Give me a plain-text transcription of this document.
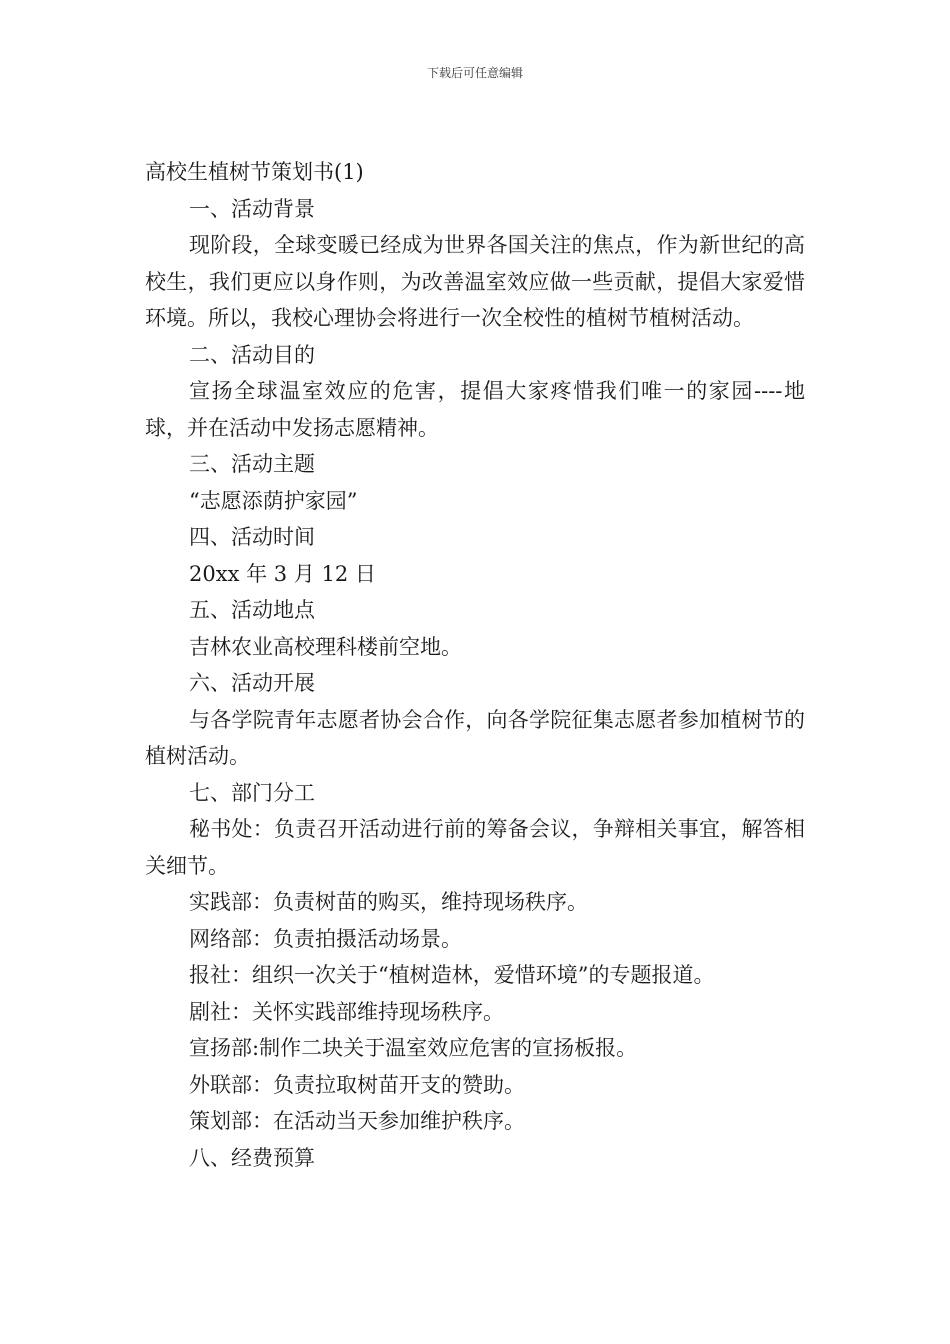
下载后可任意编辑
高校生植树节策划书(1)

一、活动背景

现阶段，全球变暖已经成为世界各国关注的焦点，作为新世纪的高校生，我们更应以身作则，为改善温室效应做一些贡献，提倡大家爱惜环境。所以，我校心理协会将进行一次全校性的植树节植树活动。

二、活动目的

宣扬全球温室效应的危害，提倡大家疼惜我们唯一的家园----地球，并在活动中发扬志愿精神。

三、活动主题

“志愿添荫护家园”

四、活动时间

20xx 年 3 月 12 日

五、活动地点

吉林农业高校理科楼前空地。

六、活动开展

与各学院青年志愿者协会合作，向各学院征集志愿者参加植树节的植树活动。

七、部门分工

秘书处：负责召开活动进行前的筹备会议，争辩相关事宜，解答相关细节。

实践部：负责树苗的购买，维持现场秩序。

网络部：负责拍摄活动场景。

报社：组织一次关于“植树造林，爱惜环境”的专题报道。

剧社：关怀实践部维持现场秩序。

宣扬部:制作二块关于温室效应危害的宣扬板报。

外联部：负责拉取树苗开支的赞助。

策划部：在活动当天参加维护秩序。

八、经费预算
